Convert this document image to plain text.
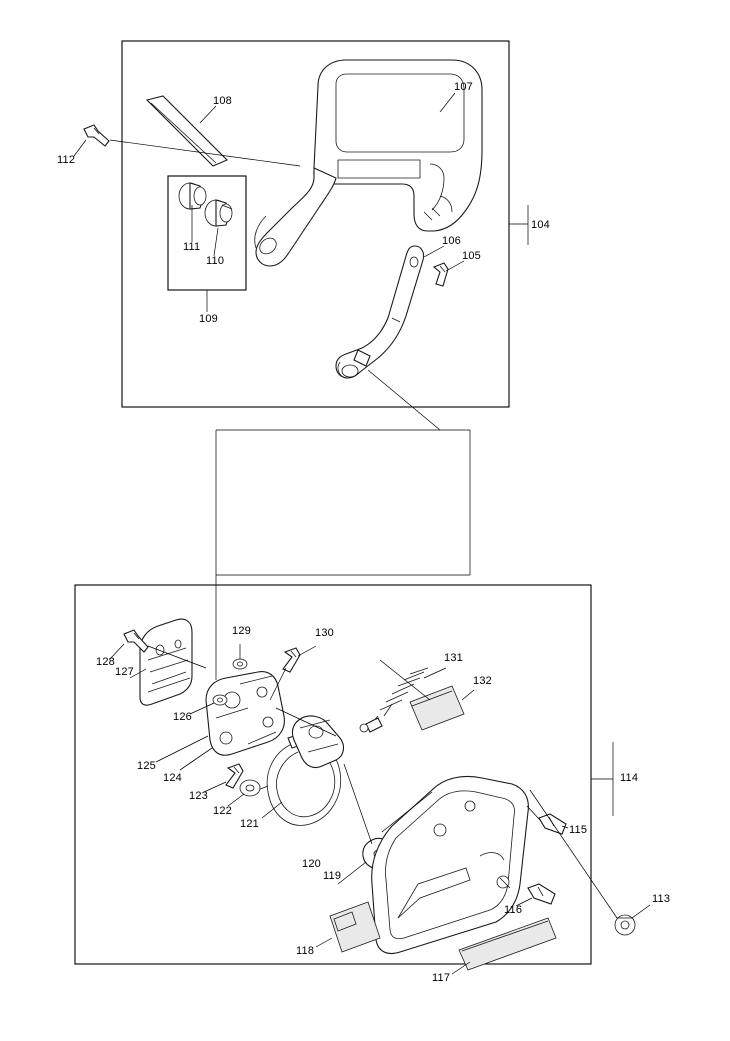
104
105
106
107
108
109
110
111
112
113
114
115
116
117
118
119
120
121
122
123
124
125
126
127
128
129	130
131
132
